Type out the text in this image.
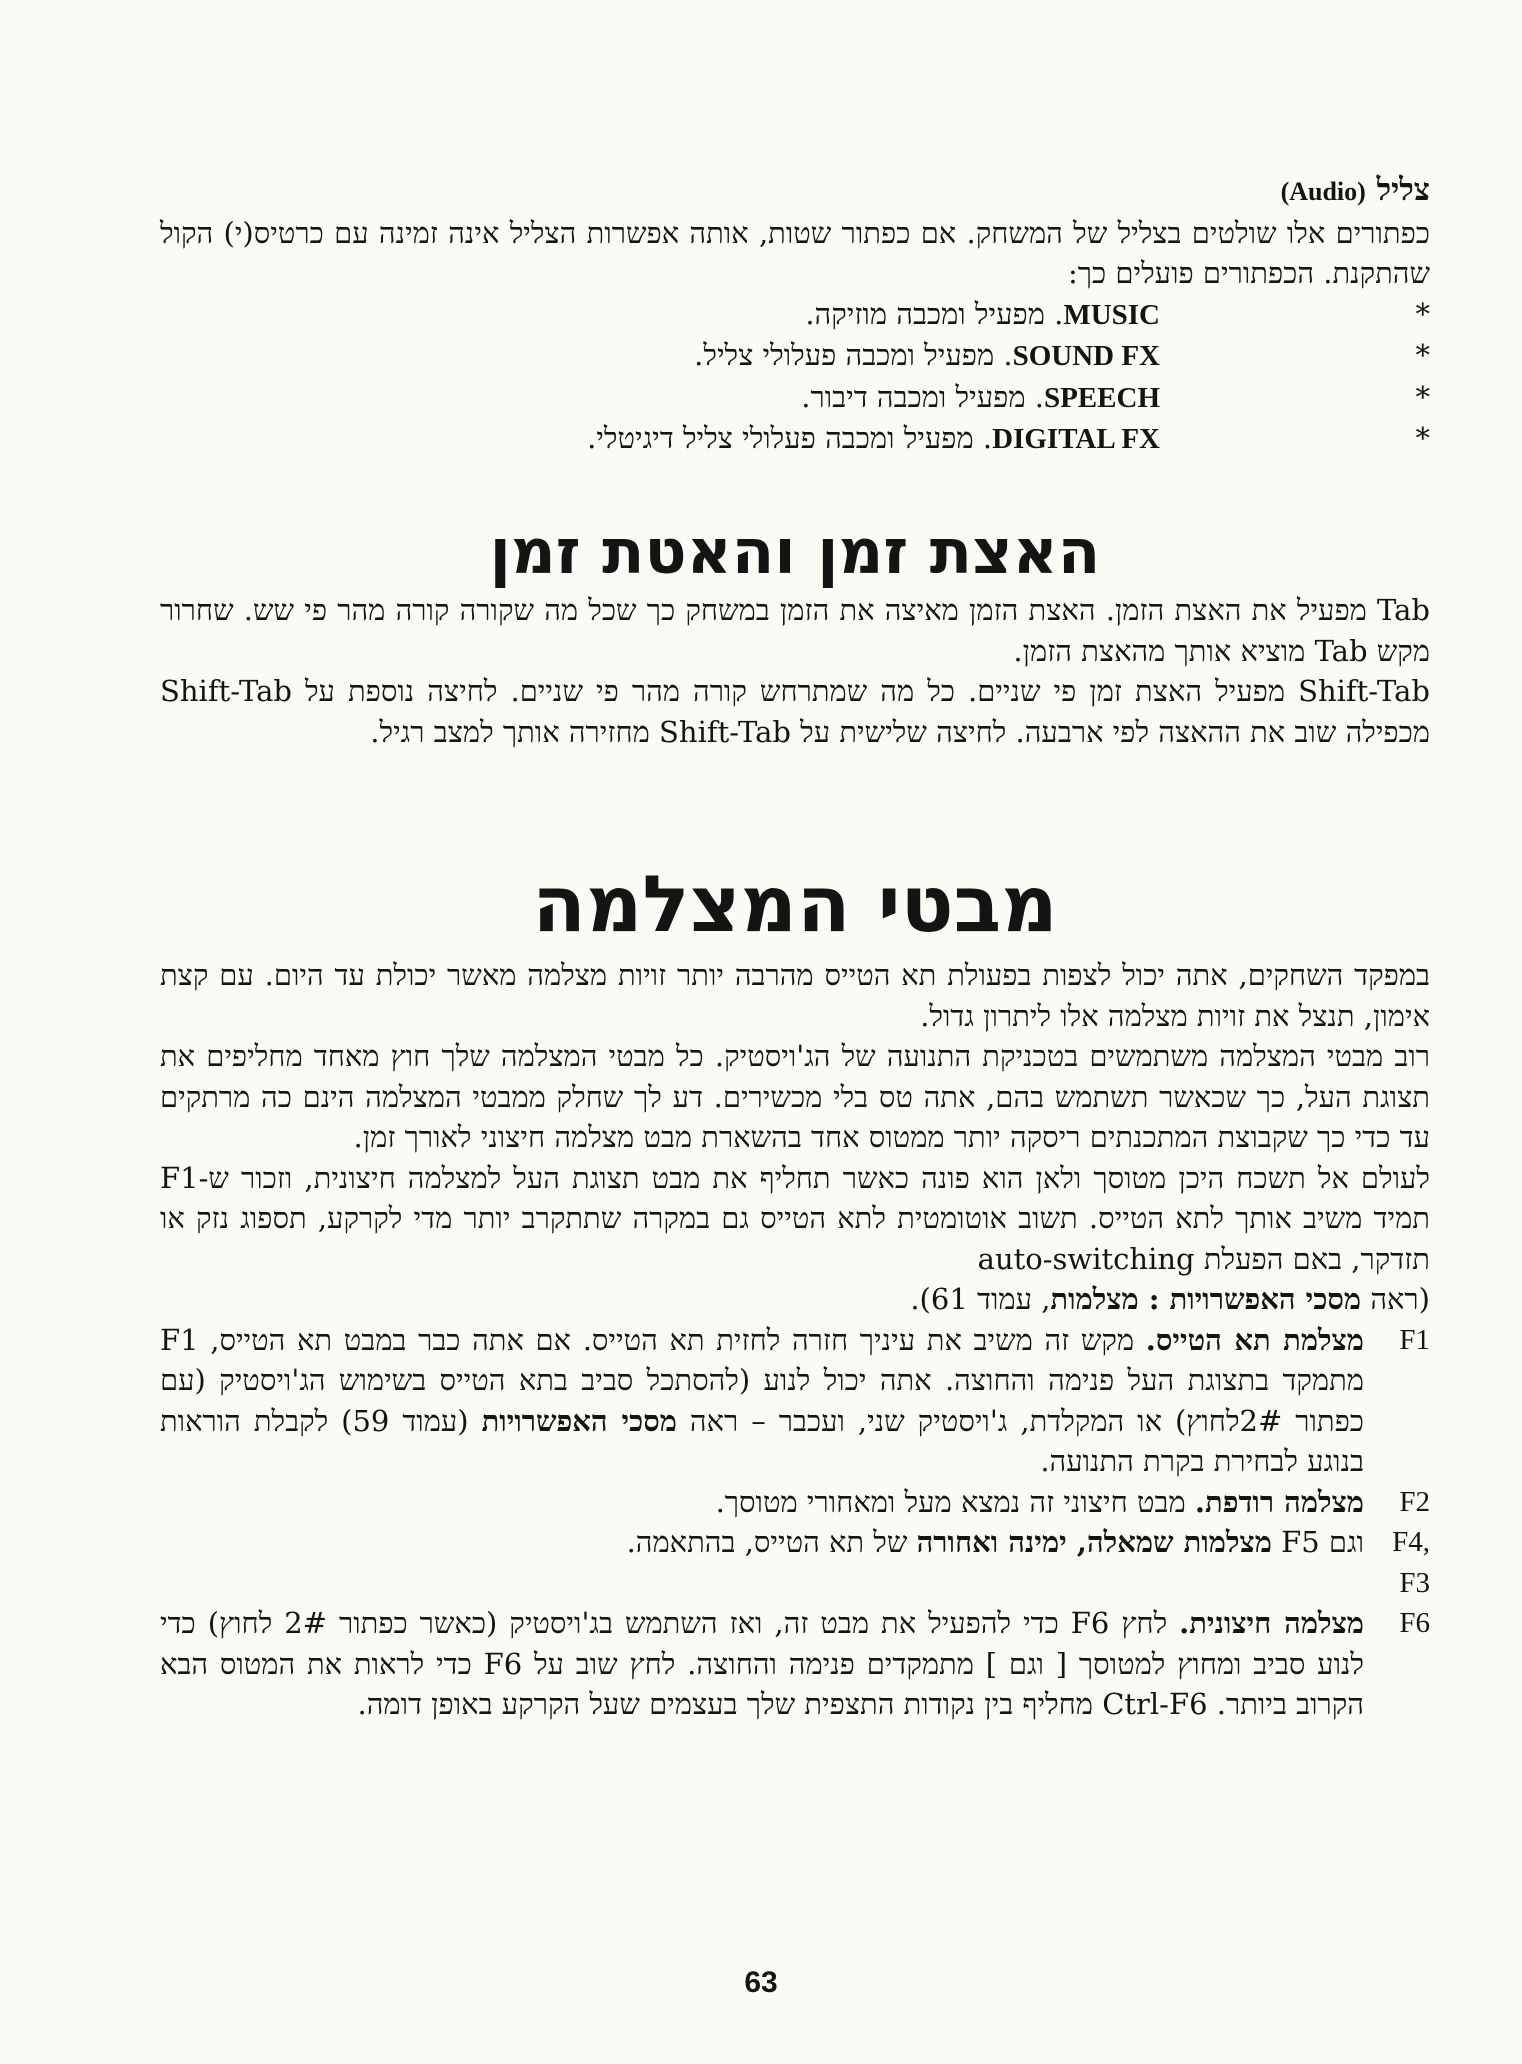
צליל (Audio)

כפתורים אלו שולטים בצליל של המשחק. אם כפתור שטות, אותה אפשרות הצליל אינה זמינה עם כרטיס(י) הקול שהתקנת. הכפתורים פועלים כך:

*
MUSIC. מפעיל ומכבה מוזיקה.
*
SOUND FX. מפעיל ומכבה פעלולי צליל.
*
SPEECH. מפעיל ומכבה דיבור.
*
DIGITAL FX. מפעיל ומכבה פעלולי צליל דיגיטלי.
האצת זמן והאטת זמן

Tab מפעיל את האצת הזמן. האצת הזמן מאיצה את הזמן במשחק כך שכל מה שקורה קורה מהר פי שש. שחרור מקש Tab מוציא אותך מהאצת הזמן.

Shift-Tab מפעיל האצת זמן פי שניים. כל מה שמתרחש קורה מהר פי שניים. לחיצה נוספת על Shift-Tab מכפילה שוב את ההאצה לפי ארבעה. לחיצה שלישית על Shift-Tab מחזירה אותך למצב רגיל.

מבטי המצלמה

במפקד השחקים, אתה יכול לצפות בפעולת תא הטייס מהרבה יותר זויות מצלמה מאשר יכולת עד היום. עם קצת אימון, תנצל את זויות מצלמה אלו ליתרון גדול.

רוב מבטי המצלמה משתמשים בטכניקת התנועה של הג'ויסטיק. כל מבטי המצלמה שלך חוץ מאחד מחליפים את תצוגת העל, כך שכאשר תשתמש בהם, אתה טס בלי מכשירים. דע לך שחלק ממבטי המצלמה הינם כה מרתקים עד כדי כך שקבוצת המתכנתים ריסקה יותר ממטוס אחד בהשארת מבט מצלמה חיצוני לאורך זמן.

לעולם אל תשכח היכן מטוסך ולאן הוא פונה כאשר תחליף את מבט תצוגת העל למצלמה חיצונית, וזכור ש-F1 תמיד משיב אותך לתא הטייס. תשוב אוטומטית לתא הטייס גם במקרה שתתקרב יותר מדי לקרקע, תספוג נזק או תזדקר, באם הפעלת auto-switching
(ראה מסכי האפשרויות : מצלמות, עמוד 61).

F1
מצלמת תא הטייס. מקש זה משיב את עיניך חזרה לחזית תא הטייס. אם אתה כבר במבט תא הטייס, F1 מתמקד בתצוגת העל פנימה והחוצה. אתה יכול לנוע (להסתכל סביב בתא הטייס בשימוש הג'ויסטיק (עם כפתור 2#לחוץ) או המקלדת, ג'ויסטיק שני, ועכבר – ראה מסכי האפשרויות (עמוד 59) לקבלת הוראות בנוגע לבחירת בקרת התנועה.
F2
מצלמה רודפת. מבט חיצוני זה נמצא מעל ומאחורי מטוסך.
F4, F3
וגם F5 מצלמות שמאלה, ימינה ואחורה של תא הטייס, בהתאמה.
F6
מצלמה חיצונית. לחץ F6 כדי להפעיל את מבט זה, ואז השתמש בג'ויסטיק (כאשר כפתור 2# לחוץ) כדי לנוע סביב ומחוץ למטוסך [ וגם ] מתמקדים פנימה והחוצה. לחץ שוב על F6 כדי לראות את המטוס הבא הקרוב ביותר. Ctrl-F6 מחליף בין נקודות התצפית שלך בעצמים שעל הקרקע באופן דומה.
63
